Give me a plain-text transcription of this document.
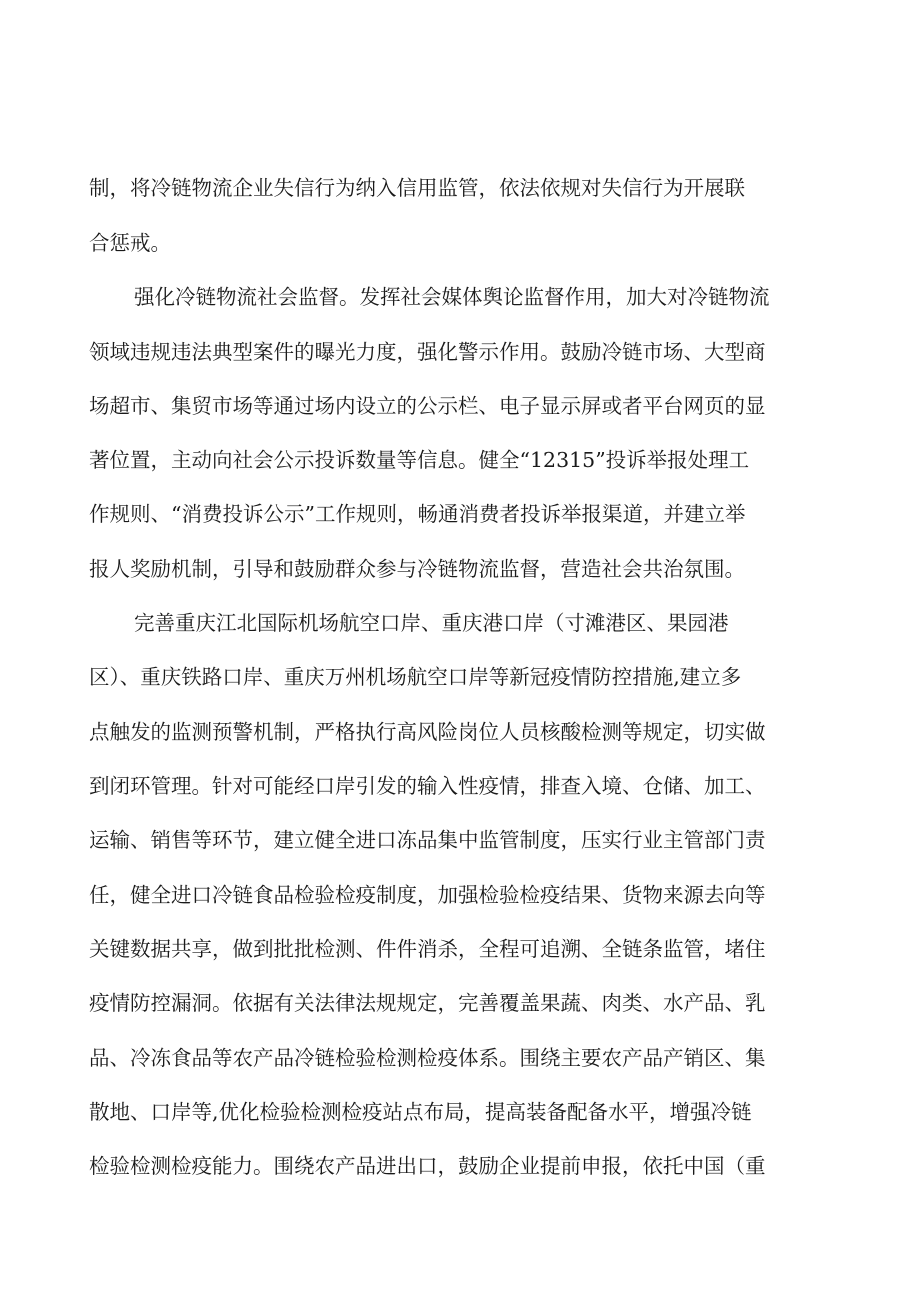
制，将冷链物流企业失信行为纳入信用监管，依法依规对失信行为开展联

合惩戒。

强化冷链物流社会监督。发挥社会媒体舆论监督作用，加大对冷链物流

领域违规违法典型案件的曝光力度，强化警示作用。鼓励冷链市场、大型商

场超市、集贸市场等通过场内设立的公示栏、电子显示屏或者平台网页的显

著位置，主动向社会公示投诉数量等信息。健全“12315”投诉举报处理工

作规则、“消费投诉公示”工作规则，畅通消费者投诉举报渠道，并建立举

报人奖励机制，引导和鼓励群众参与冷链物流监督，营造社会共治氛围。

完善重庆江北国际机场航空口岸、重庆港口岸（寸滩港区、果园港

区）、重庆铁路口岸、重庆万州机场航空口岸等新冠疫情防控措施,建立多

点触发的监测预警机制，严格执行高风险岗位人员核酸检测等规定，切实做

到闭环管理。针对可能经口岸引发的输入性疫情，排查入境、仓储、加工、

运输、销售等环节，建立健全进口冻品集中监管制度，压实行业主管部门责

任，健全进口冷链食品检验检疫制度，加强检验检疫结果、货物来源去向等

关键数据共享，做到批批检测、件件消杀，全程可追溯、全链条监管，堵住

疫情防控漏洞。依据有关法律法规规定，完善覆盖果蔬、肉类、水产品、乳

品、冷冻食品等农产品冷链检验检测检疫体系。围绕主要农产品产销区、集

散地、口岸等,优化检验检测检疫站点布局，提高装备配备水平，增强冷链

检验检测检疫能力。围绕农产品进出口，鼓励企业提前申报，依托中国（重
